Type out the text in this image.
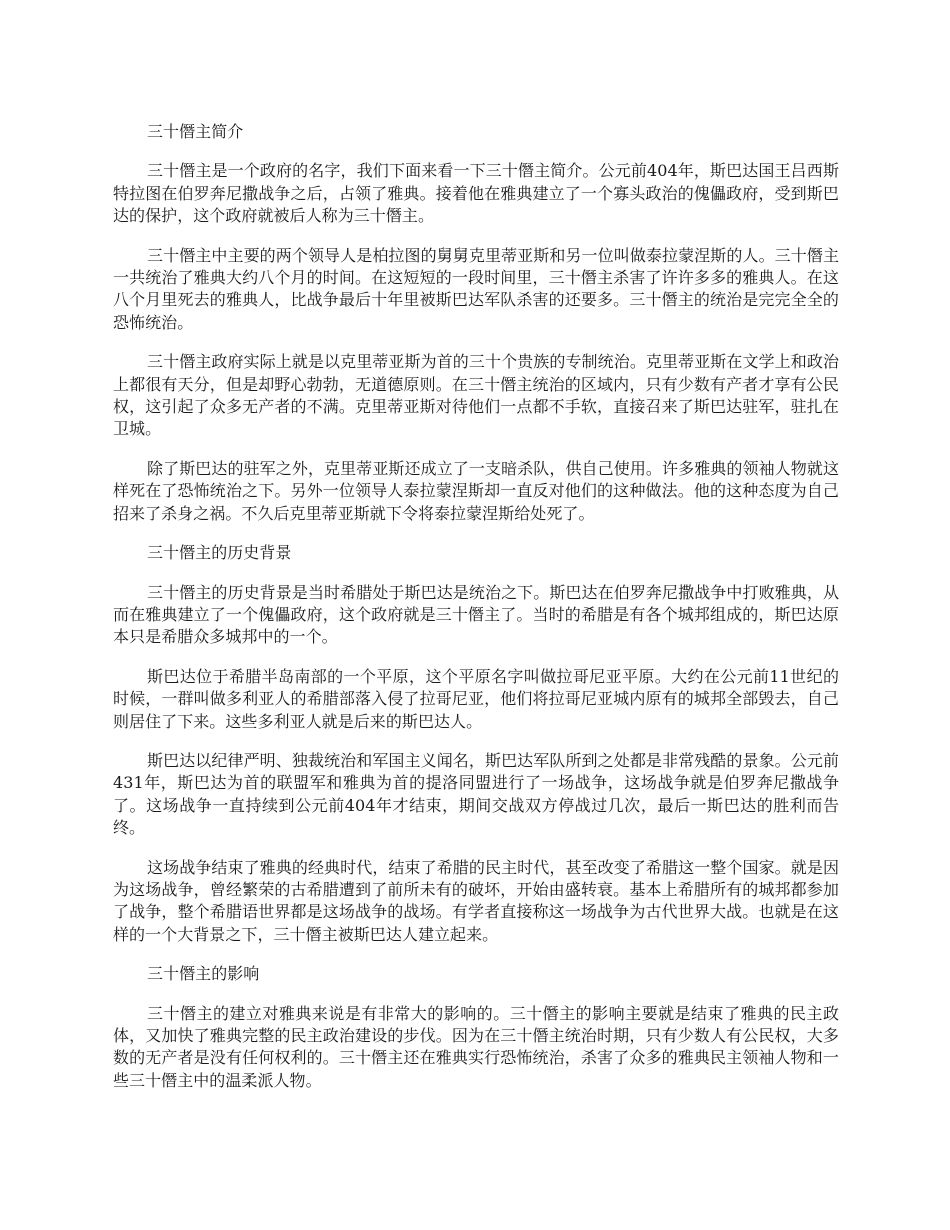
三十僭主简介

三十僭主是一个政府的名字，我们下面来看一下三十僭主简介。公元前404年，斯巴达国王吕西斯特拉图在伯罗奔尼撒战争之后，占领了雅典。接着他在雅典建立了一个寡头政治的傀儡政府，受到斯巴达的保护，这个政府就被后人称为三十僭主。

三十僭主中主要的两个领导人是柏拉图的舅舅克里蒂亚斯和另一位叫做泰拉蒙涅斯的人。三十僭主一共统治了雅典大约八个月的时间。在这短短的一段时间里，三十僭主杀害了许许多多的雅典人。在这八个月里死去的雅典人，比战争最后十年里被斯巴达军队杀害的还要多。三十僭主的统治是完完全全的恐怖统治。

三十僭主政府实际上就是以克里蒂亚斯为首的三十个贵族的专制统治。克里蒂亚斯在文学上和政治上都很有天分，但是却野心勃勃，无道德原则。在三十僭主统治的区域内，只有少数有产者才享有公民权，这引起了众多无产者的不满。克里蒂亚斯对待他们一点都不手软，直接召来了斯巴达驻军，驻扎在卫城。

除了斯巴达的驻军之外，克里蒂亚斯还成立了一支暗杀队，供自己使用。许多雅典的领袖人物就这样死在了恐怖统治之下。另外一位领导人泰拉蒙涅斯却一直反对他们的这种做法。他的这种态度为自己招来了杀身之祸。不久后克里蒂亚斯就下令将泰拉蒙涅斯给处死了。

三十僭主的历史背景

三十僭主的历史背景是当时希腊处于斯巴达是统治之下。斯巴达在伯罗奔尼撒战争中打败雅典，从而在雅典建立了一个傀儡政府，这个政府就是三十僭主了。当时的希腊是有各个城邦组成的，斯巴达原本只是希腊众多城邦中的一个。

斯巴达位于希腊半岛南部的一个平原，这个平原名字叫做拉哥尼亚平原。大约在公元前11世纪的时候，一群叫做多利亚人的希腊部落入侵了拉哥尼亚，他们将拉哥尼亚城内原有的城邦全部毁去，自己则居住了下来。这些多利亚人就是后来的斯巴达人。

斯巴达以纪律严明、独裁统治和军国主义闻名，斯巴达军队所到之处都是非常残酷的景象。公元前431年，斯巴达为首的联盟军和雅典为首的提洛同盟进行了一场战争，这场战争就是伯罗奔尼撒战争了。这场战争一直持续到公元前404年才结束，期间交战双方停战过几次，最后一斯巴达的胜利而告终。

这场战争结束了雅典的经典时代，结束了希腊的民主时代，甚至改变了希腊这一整个国家。就是因为这场战争，曾经繁荣的古希腊遭到了前所未有的破坏，开始由盛转衰。基本上希腊所有的城邦都参加了战争，整个希腊语世界都是这场战争的战场。有学者直接称这一场战争为古代世界大战。也就是在这样的一个大背景之下，三十僭主被斯巴达人建立起来。

三十僭主的影响

三十僭主的建立对雅典来说是有非常大的影响的。三十僭主的影响主要就是结束了雅典的民主政体，又加快了雅典完整的民主政治建设的步伐。因为在三十僭主统治时期，只有少数人有公民权，大多数的无产者是没有任何权利的。三十僭主还在雅典实行恐怖统治，杀害了众多的雅典民主领袖人物和一些三十僭主中的温柔派人物。
